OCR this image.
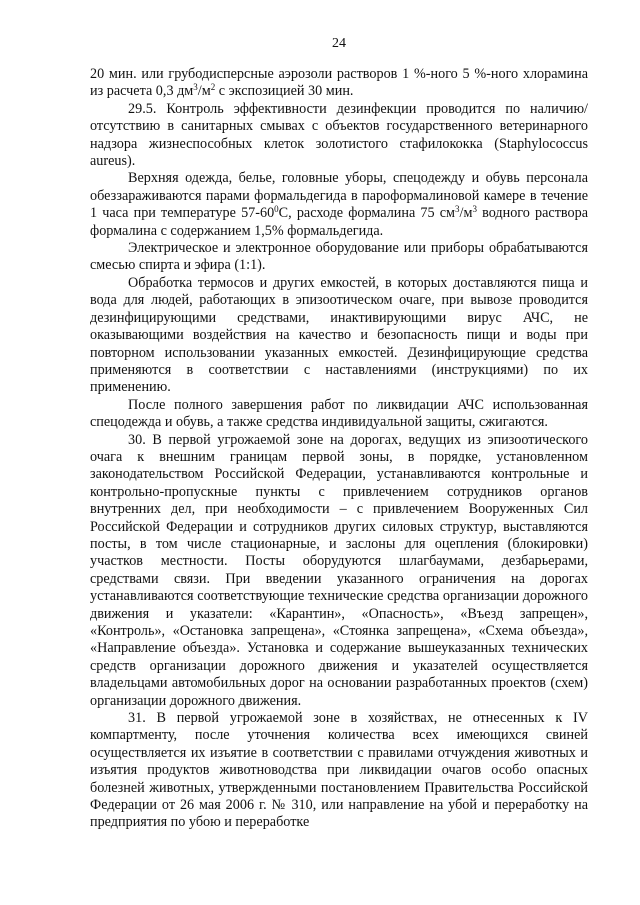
24

20 мин. или грубодисперсные аэрозоли растворов 1 %-ного 5 %-ного хлорамина из расчета 0,3 $дм^3/м^2$ с экспозицией 30 мин.

29.5. Контроль эффективности дезинфекции проводится по наличию/отсутствию в санитарных смывах с объектов государственного ветеринарного надзора жизнеспособных клеток золотистого стафилококка (Staphylococcus aureus).

Верхняя одежда, белье, головные уборы, спецодежду и обувь персонала обеззараживаются парами формальдегида в пароформалиновой камере в течение 1 часа при температуре $57-60^0С$, расходе формалина 75 $см^3/м^3$ водного раствора формалина с содержанием 1,5% формальдегида.

Электрическое и электронное оборудование или приборы обрабатываются смесью спирта и эфира (1:1).

Обработка термосов и других емкостей, в которых доставляются пища и вода для людей, работающих в эпизоотическом очаге, при вывозе проводится дезинфицирующими средствами, инактивирующими вирус АЧС, не оказывающими воздействия на качество и безопасность пищи и воды при повторном использовании указанных емкостей. Дезинфицирующие средства применяются в соответствии с наставлениями (инструкциями) по их применению.

После полного завершения работ по ликвидации АЧС использованная спецодежда и обувь, а также средства индивидуальной защиты, сжигаются.

30. В первой угрожаемой зоне на дорогах, ведущих из эпизоотического очага к внешним границам первой зоны, в порядке, установленном законодательством Российской Федерации, устанавливаются контрольные и контрольно-пропускные пункты с привлечением сотрудников органов внутренних дел, при необходимости – с привлечением Вооруженных Сил Российской Федерации и сотрудников других силовых структур, выставляются посты, в том числе стационарные, и заслоны для оцепления (блокировки) участков местности. Посты оборудуются шлагбаумами, дезбарьерами, средствами связи. При введении указанного ограничения на дорогах устанавливаются соответствующие технические средства организации дорожного движения и указатели: «Карантин», «Опасность», «Въезд запрещен», «Контроль», «Остановка запрещена», «Стоянка запрещена», «Схема объезда», «Направление объезда». Установка и содержание вышеуказанных технических средств организации дорожного движения и указателей осуществляется владельцами автомобильных дорог на основании разработанных проектов (схем) организации дорожного движения.

31. В первой угрожаемой зоне в хозяйствах, не отнесенных к IV компартменту, после уточнения количества всех имеющихся свиней осуществляется их изъятие в соответствии с правилами отчуждения животных и изъятия продуктов животноводства при ликвидации очагов особо опасных болезней животных, утвержденными постановлением Правительства Российской Федерации от 26 мая 2006 г. № 310, или направление на убой и переработку на предприятия по убою и переработке
